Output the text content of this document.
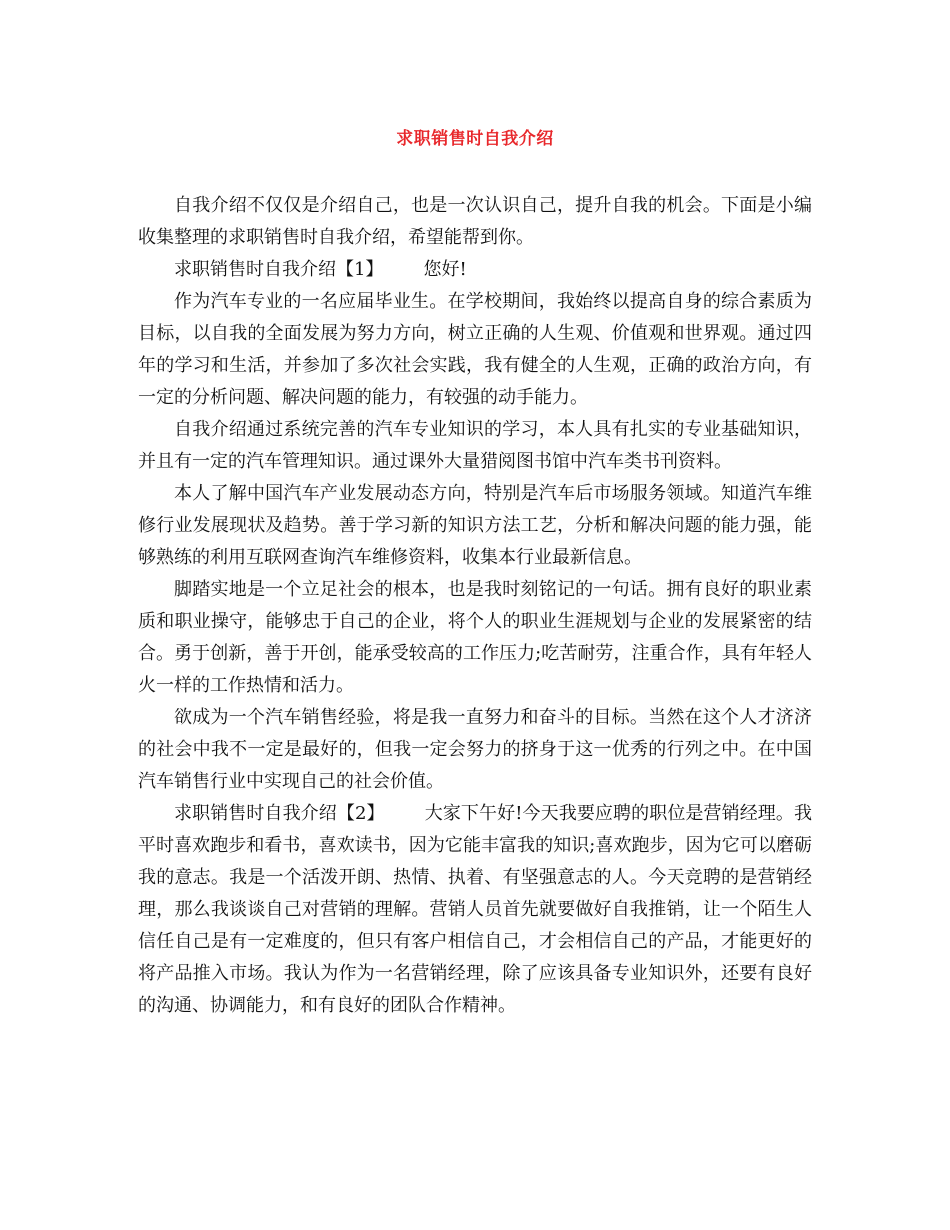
求职销售时自我介绍

自我介绍不仅仅是介绍自己，也是一次认识自己，提升自我的机会。下面是小编收集整理的求职销售时自我介绍，希望能帮到你。

求职销售时自我介绍【1】 您好!

作为汽车专业的一名应届毕业生。在学校期间，我始终以提高自身的综合素质为目标，以自我的全面发展为努力方向，树立正确的人生观、价值观和世界观。通过四年的学习和生活，并参加了多次社会实践，我有健全的人生观，正确的政治方向，有一定的分析问题、解决问题的能力，有较强的动手能力。

自我介绍通过系统完善的汽车专业知识的学习，本人具有扎实的专业基础知识，并且有一定的汽车管理知识。通过课外大量猎阅图书馆中汽车类书刊资料。

本人了解中国汽车产业发展动态方向，特别是汽车后市场服务领域。知道汽车维修行业发展现状及趋势。善于学习新的知识方法工艺，分析和解决问题的能力强，能够熟练的利用互联网查询汽车维修资料，收集本行业最新信息。

脚踏实地是一个立足社会的根本，也是我时刻铭记的一句话。拥有良好的职业素质和职业操守，能够忠于自己的企业，将个人的职业生涯规划与企业的发展紧密的结合。勇于创新，善于开创，能承受较高的工作压力;吃苦耐劳，注重合作，具有年轻人火一样的工作热情和活力。

欲成为一个汽车销售经验，将是我一直努力和奋斗的目标。当然在这个人才济济的社会中我不一定是最好的，但我一定会努力的挤身于这一优秀的行列之中。在中国汽车销售行业中实现自己的社会价值。

求职销售时自我介绍【2】 大家下午好!今天我要应聘的职位是营销经理。我平时喜欢跑步和看书，喜欢读书，因为它能丰富我的知识;喜欢跑步，因为它可以磨砺我的意志。我是一个活泼开朗、热情、执着、有坚强意志的人。今天竞聘的是营销经理，那么我谈谈自己对营销的理解。营销人员首先就要做好自我推销，让一个陌生人信任自己是有一定难度的，但只有客户相信自己，才会相信自己的产品，才能更好的将产品推入市场。我认为作为一名营销经理，除了应该具备专业知识外，还要有良好的沟通、协调能力，和有良好的团队合作精神。
